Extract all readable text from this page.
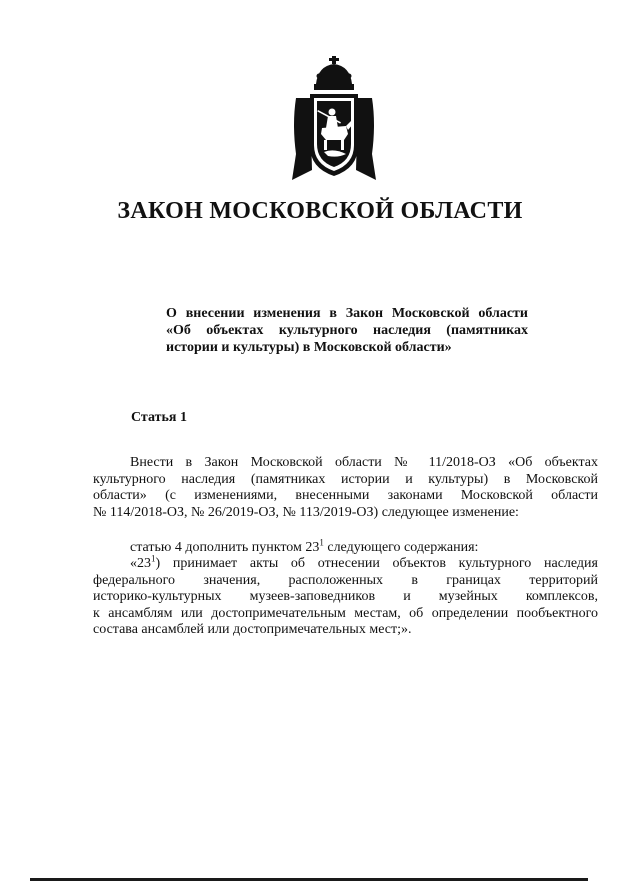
ЗАКОН МОСКОВСКОЙ ОБЛАСТИ
О внесении изменения в Закон Московской области
«Об объектах культурного наследия (памятниках
истории и культуры) в Московской области»
Статья 1
Внести в Закон Московской области № 11/2018-ОЗ «Об объектах
культурного наследия (памятниках истории и культуры) в Московской
области» (с изменениями, внесенными законами Московской области
№ 114/2018-ОЗ, № 26/2019-ОЗ, № 113/2019-ОЗ) следующее изменение:
статью 4 дополнить пунктом $23^1$ следующего содержания:
«$23^1$) принимает акты об отнесении объектов культурного наследия
федерального значения, расположенных в границах территорий
историко-культурных музеев-заповедников и музейных комплексов,
к ансамблям или достопримечательным местам, об определении пообъектного
состава ансамблей или достопримечательных мест;».
